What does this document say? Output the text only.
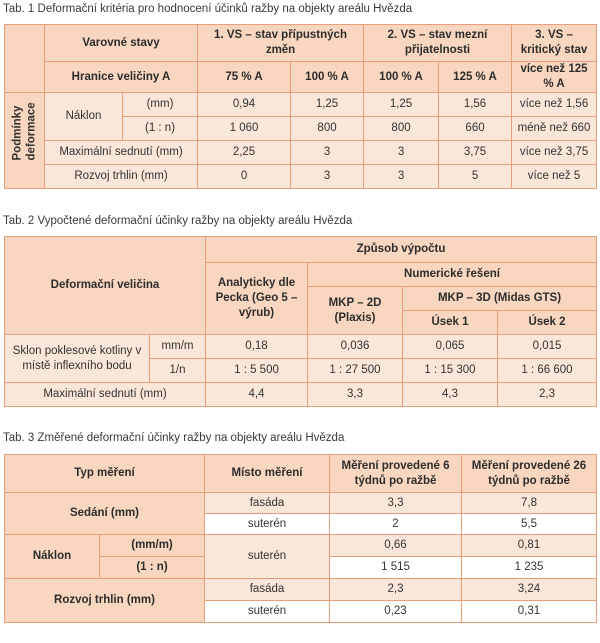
Tab. 1 Deformační kritéria pro hodnocení účinků ražby na objekty areálu Hvězda
	Varovné stavy		1. VS – stav přípustných změn		2. VS – stav mezní přijatelnosti		3. VS – kritický stav
	Hranice veličiny A		75 % A	100 % A	100 % A	125 % A	více než 125 % A

Podmínky deformace	Náklon	(mm)	0,94	1,25	1,25	1,56	více než 1,56
		(1 : n)	1 060	800	800	660	méně než 660
	Maximální sednutí (mm)		2,25	3	3	3,75	více než 3,75
	Rozvoj trhlin (mm)		0	3	3	5	více než 5
Tab. 2 Vypočtené deformační účinky ražby na objekty areálu Hvězda
Deformační veličina		Způsob výpočtu			
		Analyticky dle Pecka (Geo 5 – výrub)	Numerické řešení		
			MKP – 2D (Plaxis)	MKP – 3D (Midas GTS)	
				Úsek 1	Úsek 2
Sklon poklesové kotliny v místě inflexního bodu	mm/m	0,18	0,036	0,065	0,015
	1/n	1 : 5 500	1 : 27 500	1 : 15 300	1 : 66 600
Maximální sednutí (mm)		4,4	3,3	4,3	2,3
Tab. 3 Změřené deformační účinky ražby na objekty areálu Hvězda
Typ měření		Místo měření	Měření provedené 6 týdnů po ražbě	Měření provedené 26 týdnů po ražbě
Sedání (mm)		fasáda	3,3	7,8
		suterén	2	5,5
Náklon	(mm/m)	suterén	0,66	0,81
	(1 : n)		1 515	1 235
Rozvoj trhlin (mm)		fasáda	2,3	3,24
		suterén	0,23	0,31
